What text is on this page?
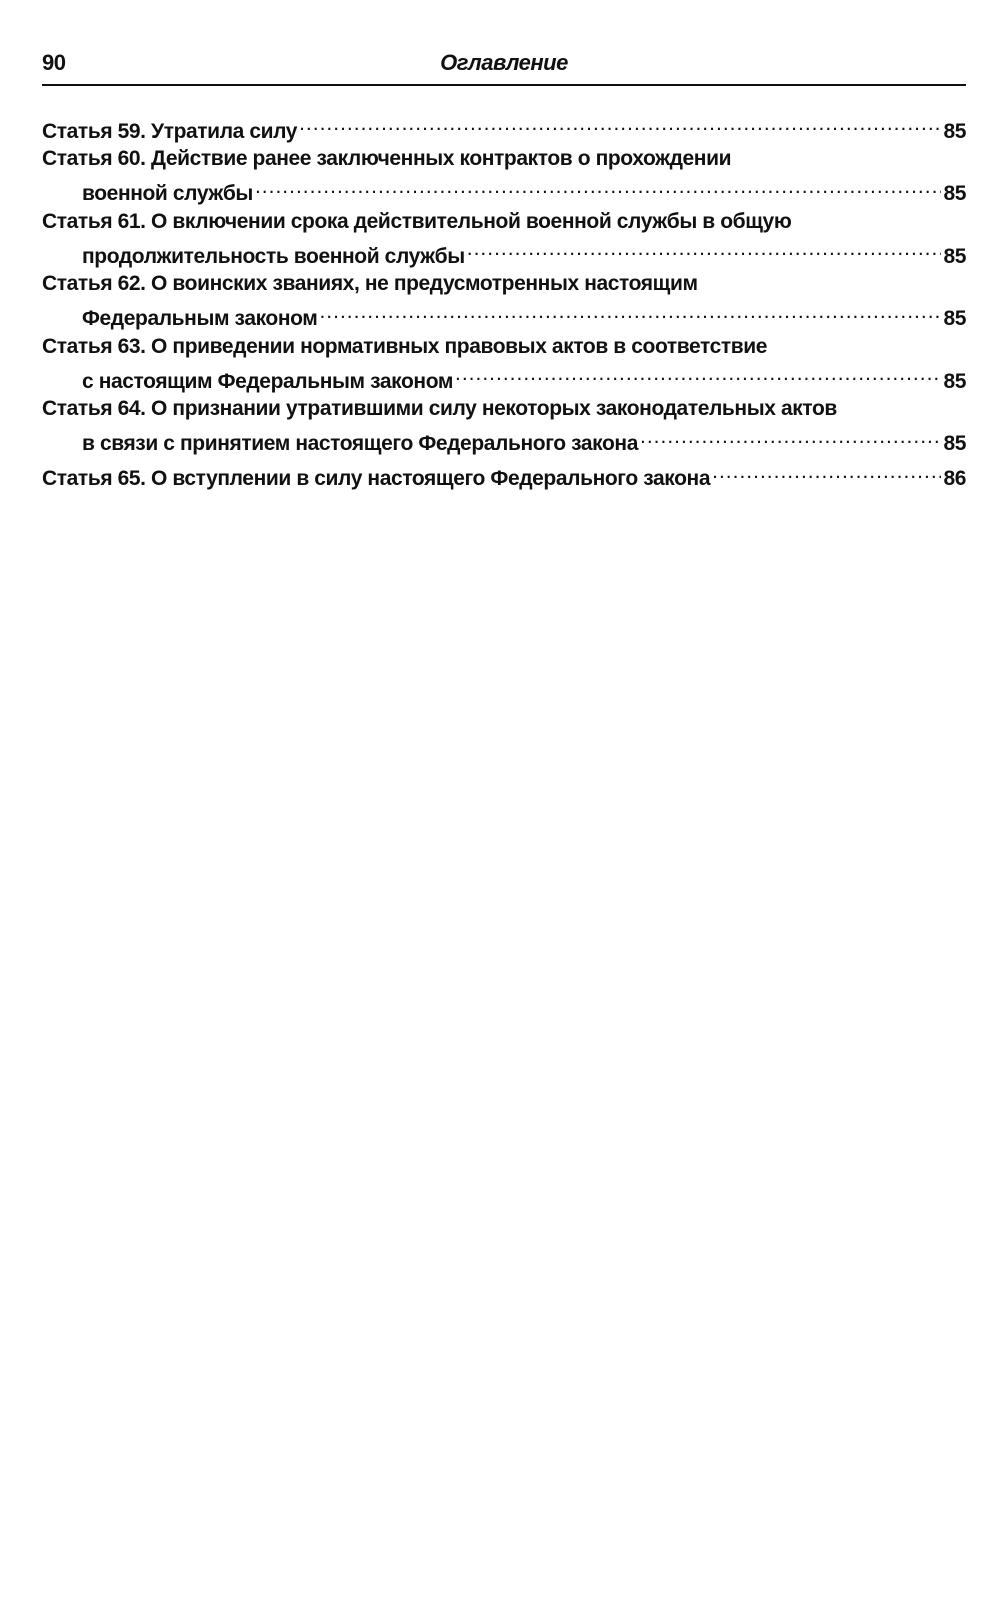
90	Оглавление
Статья 59. Утратила силу .....	85
Статья 60. Действие ранее заключенных контрактов о прохождении
военной службы .....	85
Статья 61. О включении срока действительной военной службы в общую
продолжительность военной службы .....	85
Статья 62. О воинских званиях, не предусмотренных настоящим
Федеральным законом .....	85
Статья 63. О приведении нормативных правовых актов в соответствие
с настоящим Федеральным законом .....	85
Статья 64. О признании утратившими силу некоторых законодательных актов
в связи с принятием настоящего Федерального закона .....	85
Статья 65. О вступлении в силу настоящего Федерального закона .....	86
